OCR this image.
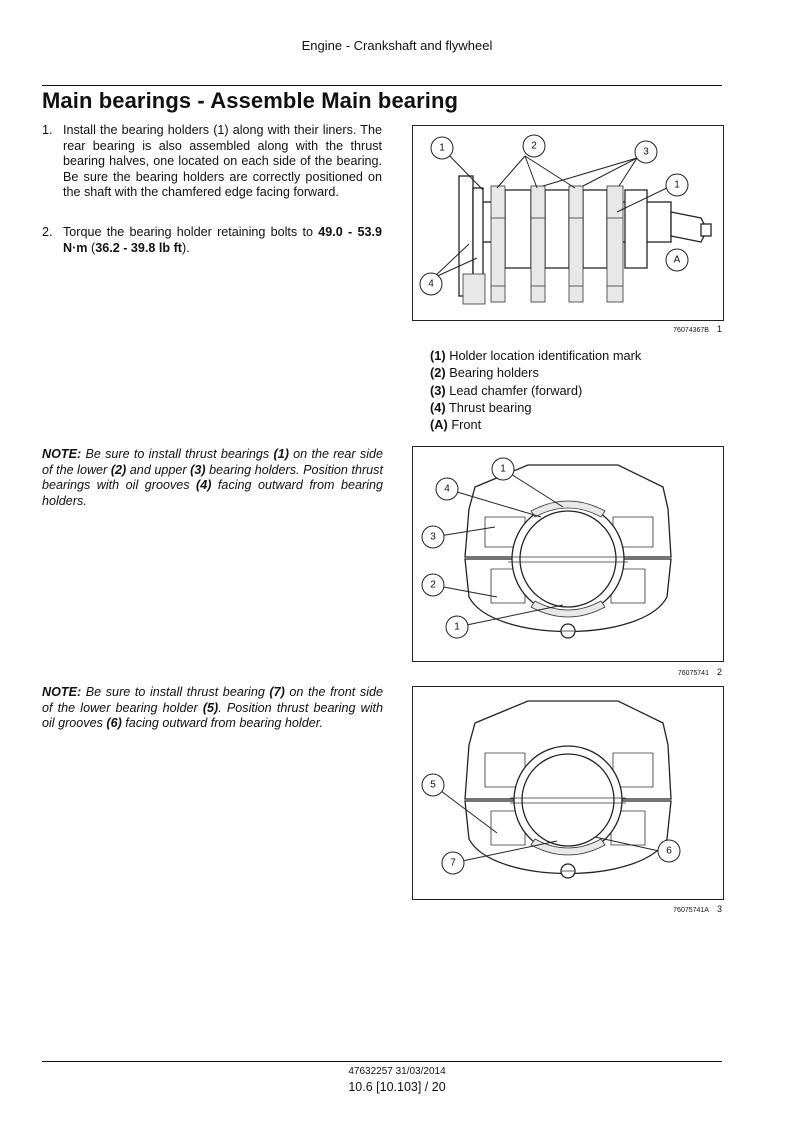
Engine - Crankshaft and flywheel
Main bearings - Assemble Main bearing
1. Install the bearing holders (1) along with their liners. The rear bearing is also assembled along with the thrust bearing halves, one located on each side of the bearing. Be sure the bearing holders are correctly positioned on the shaft with the chamfered edge facing forward.
2. Torque the bearing holder retaining bolts to 49.0 - 53.9 N·m (36.2 - 39.8 lb ft).
1	2
3
1
4
A
76074367B 1
(1) Holder location identification mark
(2) Bearing holders
(3) Lead chamfer (forward)
(4) Thrust bearing
(A) Front
NOTE: Be sure to install thrust bearings (1) on the rear side of the lower (2) and upper (3) bearing holders. Position thrust bearings with oil grooves (4) facing outward from bearing holders.
1
4
3
2
1
76075741 2
NOTE: Be sure to install thrust bearing (7) on the front side of the lower bearing holder (5). Position thrust bearing with oil grooves (6) facing outward from bearing holder.
5
6
7
76075741A 3
47632257 31/03/2014
10.6 [10.103] / 20
